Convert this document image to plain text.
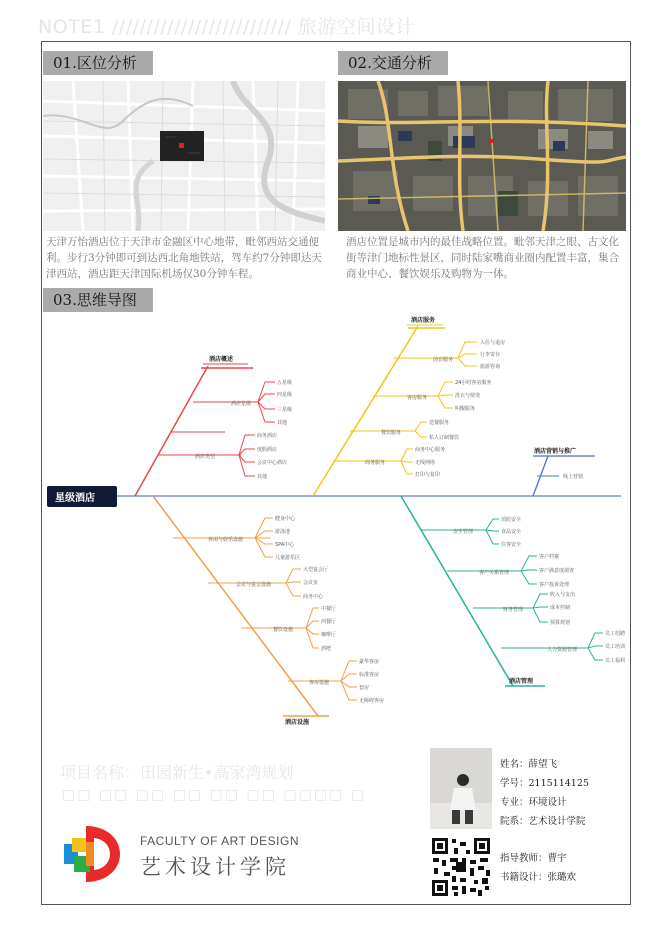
NOTE1 ////////////////////////// 旅游空间设计
01.区位分析
天津万怡酒店位于天津市金融区中心地带，毗邻西站交通便利。步行3分钟即可到达西北角地铁站，驾车约7分钟即达天津西站，酒店距天津国际机场仅30分钟车程。
02.交通分析
酒店位置是城市内的最佳战略位置。毗邻天津之眼、古文化街等津门地标性景区，同时陆家嘴商业圈内配置丰富，集合商业中心、餐饮娱乐及购物为一体。
03.思维导图
星级酒店
酒店概述
酒店星级
五星级
四星级
三星级
其他
酒店类型
商务酒店
度假酒店
会议中心酒店
其他
酒店服务
前台服务
入住与退房
行李寄存
旅游咨询
客房服务
24小时客房服务
洗衣与熨烫
叫醒服务
餐饮服务
送餐服务
私人订制餐饮
商务服务
商务中心服务
无线网络
打印与复印
酒店营销与推广
线上营销
酒店设施
休闲与娱乐设施
健身中心
游泳池
SPA中心
儿童游乐区
会议与宴会设施
大型宴会厅
会议室
商务中心
餐饮设施
中餐厅
西餐厅
咖啡厅
酒吧
客房设施
豪华客房
标准客房
套房
无障碍客房
酒店管理
安全管理
消防安全
食品安全
住客安全
客户关系管理
客户档案
客户满意度调查
客户投诉处理
财务管理
收入与支出
成本控制
预算规划
人力资源管理
员工招聘
员工培训
员工福利
项目名称：田园新生•高家湾规划
□□ □□ □□ □□ □□ □□ □□□□ □
FACULTY OF ART DESIGN
艺术设计学院
姓名：薛望飞
学号：2115114125
专业：环境设计
院系：艺术设计学院
指导教师：曹宇
书籍设计：张璐欢
